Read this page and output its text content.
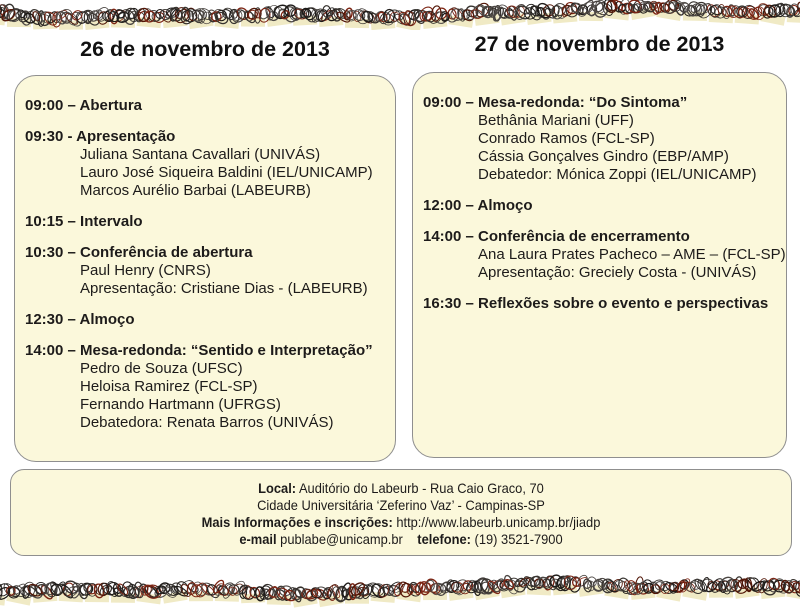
26 de novembro de 2013	27 de novembro de 2013
09:00 – Abertura
09:30 - Apresentação
Juliana Santana Cavallari (UNIVÁS)
Lauro José Siqueira Baldini (IEL/UNICAMP)
Marcos Aurélio Barbai (LABEURB)
10:15 – Intervalo
10:30 – Conferência de abertura
Paul Henry (CNRS)
Apresentação: Cristiane Dias - (LABEURB)
12:30 – Almoço
14:00 – Mesa-redonda: “Sentido e Interpretação”
Pedro de Souza (UFSC)
Heloisa Ramirez (FCL-SP)
Fernando Hartmann (UFRGS)
Debatedora: Renata Barros (UNIVÁS)
09:00 – Mesa-redonda: “Do Sintoma”
Bethânia Mariani (UFF)
Conrado Ramos (FCL-SP)
Cássia Gonçalves Gindro (EBP/AMP)
Debatedor: Mónica Zoppi (IEL/UNICAMP)
12:00 – Almoço
14:00 – Conferência de encerramento
Ana Laura Prates Pacheco – AME – (FCL-SP)
Apresentação: Greciely Costa - (UNIVÁS)
16:30 – Reflexões sobre o evento e perspectivas
Local: Auditório do Labeurb - Rua Caio Graco, 70
Cidade Universitária ‘Zeferino Vaz’ - Campinas-SP
Mais Informações e inscrições: http://www.labeurb.unicamp.br/jiadp
e-mail publabe@unicamp.br telefone: (19) 3521-7900
